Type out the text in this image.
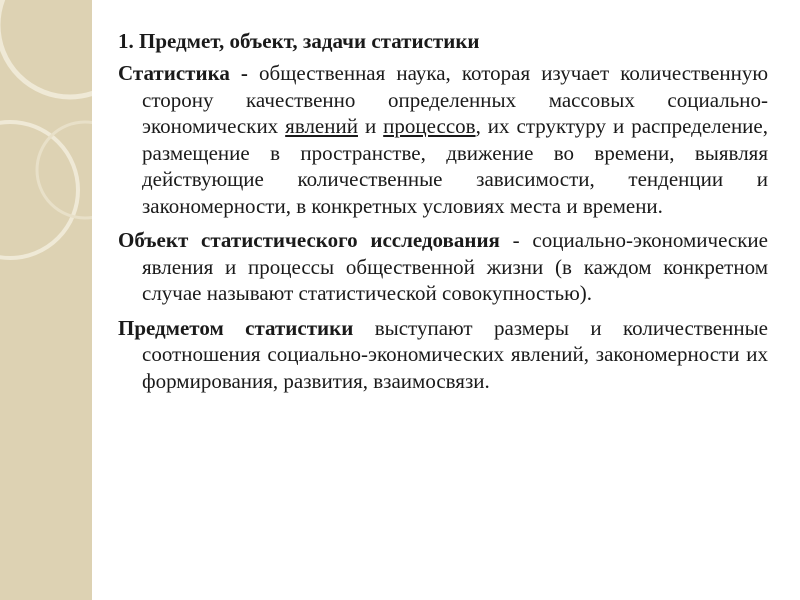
1. Предмет, объект, задачи статистики

Статистика - общественная наука, которая изучает количественную сторону качественно определенных массовых социально-экономических явлений и процессов, их структуру и распределение, размещение в пространстве, движение во времени, выявляя действующие количественные зависимости, тенденции и закономерности, в конкретных условиях места и времени.

Объект статистического исследования - социально-экономические явления и процессы общественной жизни (в каждом конкретном случае называют статистической совокупностью).

Предметом статистики выступают размеры и количественные соотношения социально-экономических явлений, закономерности их формирования, развития, взаимосвязи.
